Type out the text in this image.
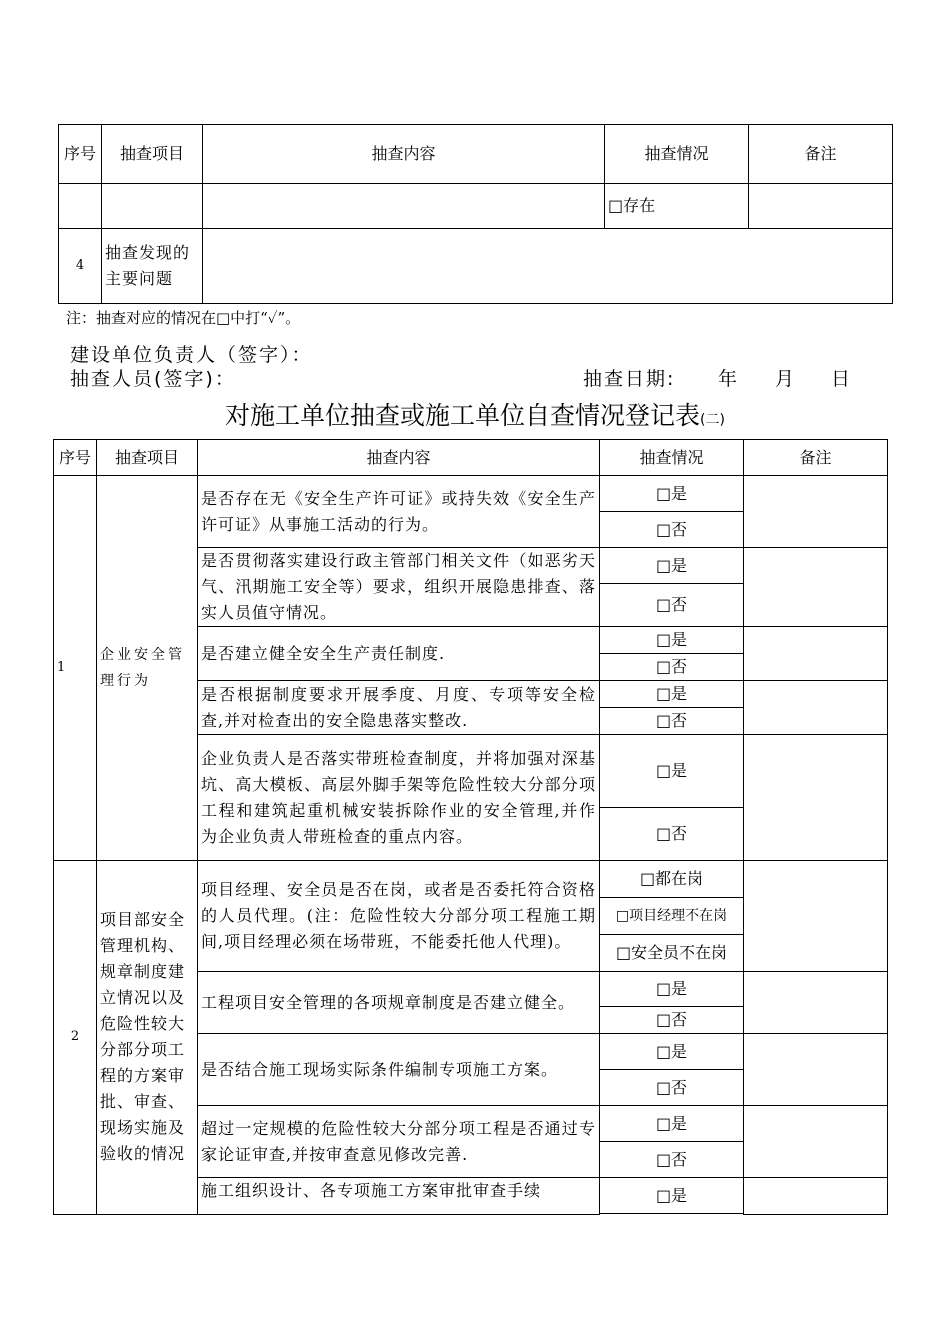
序号	抽查项目	抽查内容	抽查情况	备注
			□存在	
4	抽查发现的主要问题			
注：抽查对应的情况在□中打“✓”。
建设单位负责人（签字）：
抽查人员(签字)：	抽查日期: 年 月 日
对施工单位抽查或施工单位自查情况登记表(二)
序号	抽查项目	抽查内容	抽查情况	备注
1	企业安全管理行为	是否存在无《安全生产许可证》或持失效《安全生产许可证》从事施工活动的行为。	□是	
			□否	
		是否贯彻落实建设行政主管部门相关文件（如恶劣天气、汛期施工安全等）要求，组织开展隐患排查、落实人员值守情况。	□是	
			□否	
		是否建立健全安全生产责任制度.	□是	
			□否	
		是否根据制度要求开展季度、月度、专项等安全检查,并对检查出的安全隐患落实整改.	□是	
			□否	
		企业负责人是否落实带班检查制度，并将加强对深基坑、高大模板、高层外脚手架等危险性较大分部分项工程和建筑起重机械安装拆除作业的安全管理,并作为企业负责人带班检查的重点内容。	□是	
			□否	
2	项目部安全管理机构、规章制度建立情况以及危险性较大分部分项工程的方案审批、审查、现场实施及验收的情况	项目经理、安全员是否在岗，或者是否委托符合资格的人员代理。(注：危险性较大分部分项工程施工期间,项目经理必须在场带班，不能委托他人代理)。	□都在岗	
			□项目经理不在岗	
			□安全员不在岗	
		工程项目安全管理的各项规章制度是否建立健全。	□是	
			□否	
		是否结合施工现场实际条件编制专项施工方案。	□是	
			□否	
		超过一定规模的危险性较大分部分项工程是否通过专家论证审查,并按审查意见修改完善.	□是	
			□否	
		施工组织设计、各专项施工方案审批审查手续	□是	
